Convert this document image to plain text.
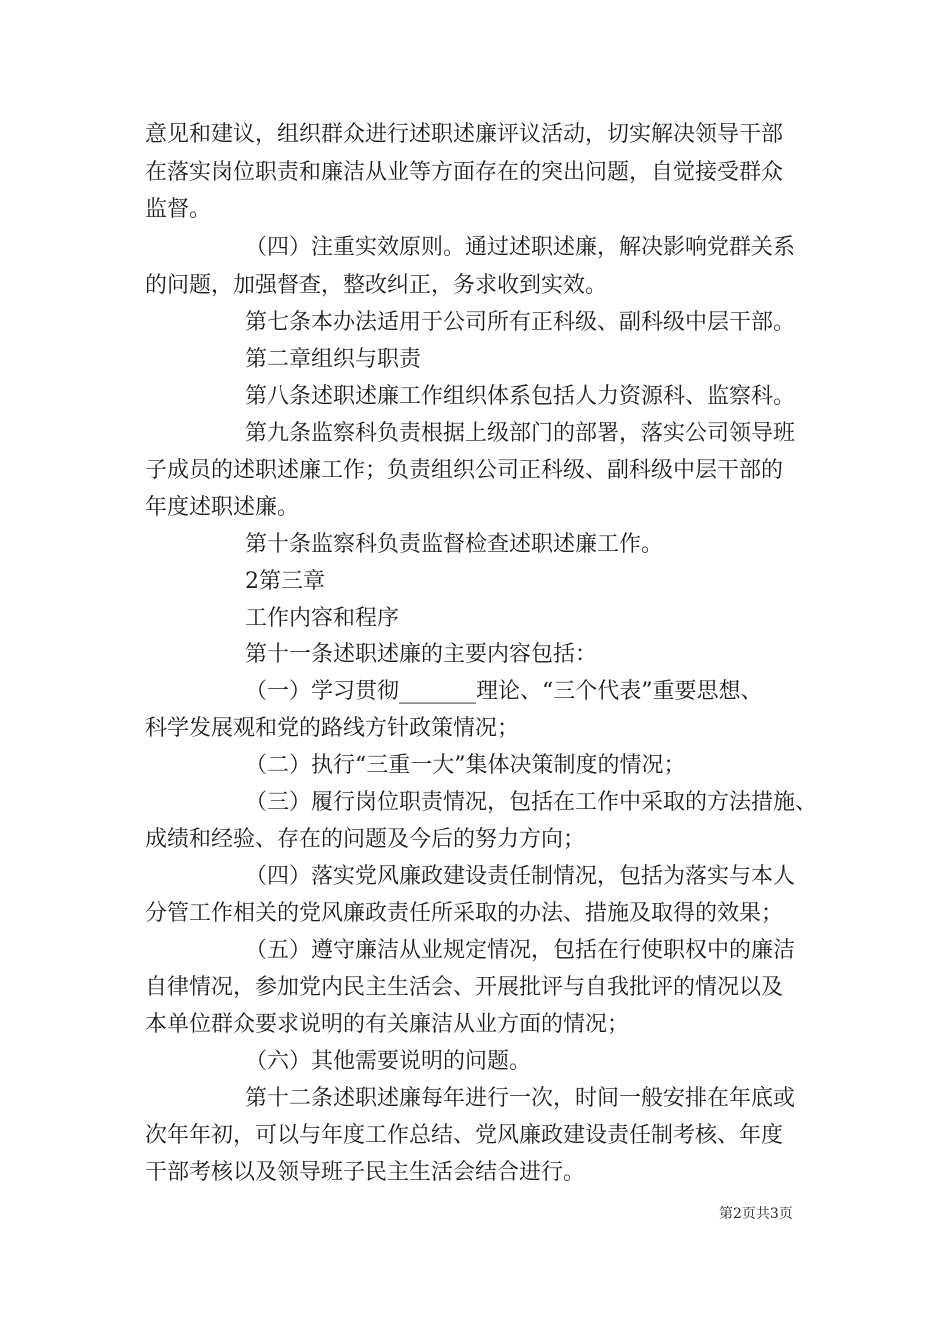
意见和建议，组织群众进行述职述廉评议活动，切实解决领导干部
在落实岗位职责和廉洁从业等方面存在的突出问题，自觉接受群众
监督。
（四）注重实效原则。通过述职述廉，解决影响党群关系
的问题，加强督查，整改纠正，务求收到实效。
第七条本办法适用于公司所有正科级、副科级中层干部。
第二章组织与职责
第八条述职述廉工作组织体系包括人力资源科、监察科。
第九条监察科负责根据上级部门的部署，落实公司领导班
子成员的述职述廉工作；负责组织公司正科级、副科级中层干部的
年度述职述廉。
第十条监察科负责监督检查述职述廉工作。
2第三章
工作内容和程序
第十一条述职述廉的主要内容包括：
（一）学习贯彻_______理论、“三个代表”重要思想、
科学发展观和党的路线方针政策情况；
（二）执行“三重一大”集体决策制度的情况；
（三）履行岗位职责情况，包括在工作中采取的方法措施、
成绩和经验、存在的问题及今后的努力方向；
（四）落实党风廉政建设责任制情况，包括为落实与本人
分管工作相关的党风廉政责任所采取的办法、措施及取得的效果；
（五）遵守廉洁从业规定情况，包括在行使职权中的廉洁
自律情况，参加党内民主生活会、开展批评与自我批评的情况以及
本单位群众要求说明的有关廉洁从业方面的情况；
（六）其他需要说明的问题。
第十二条述职述廉每年进行一次，时间一般安排在年底或
次年年初，可以与年度工作总结、党风廉政建设责任制考核、年度
干部考核以及领导班子民主生活会结合进行。
第2页共3页
